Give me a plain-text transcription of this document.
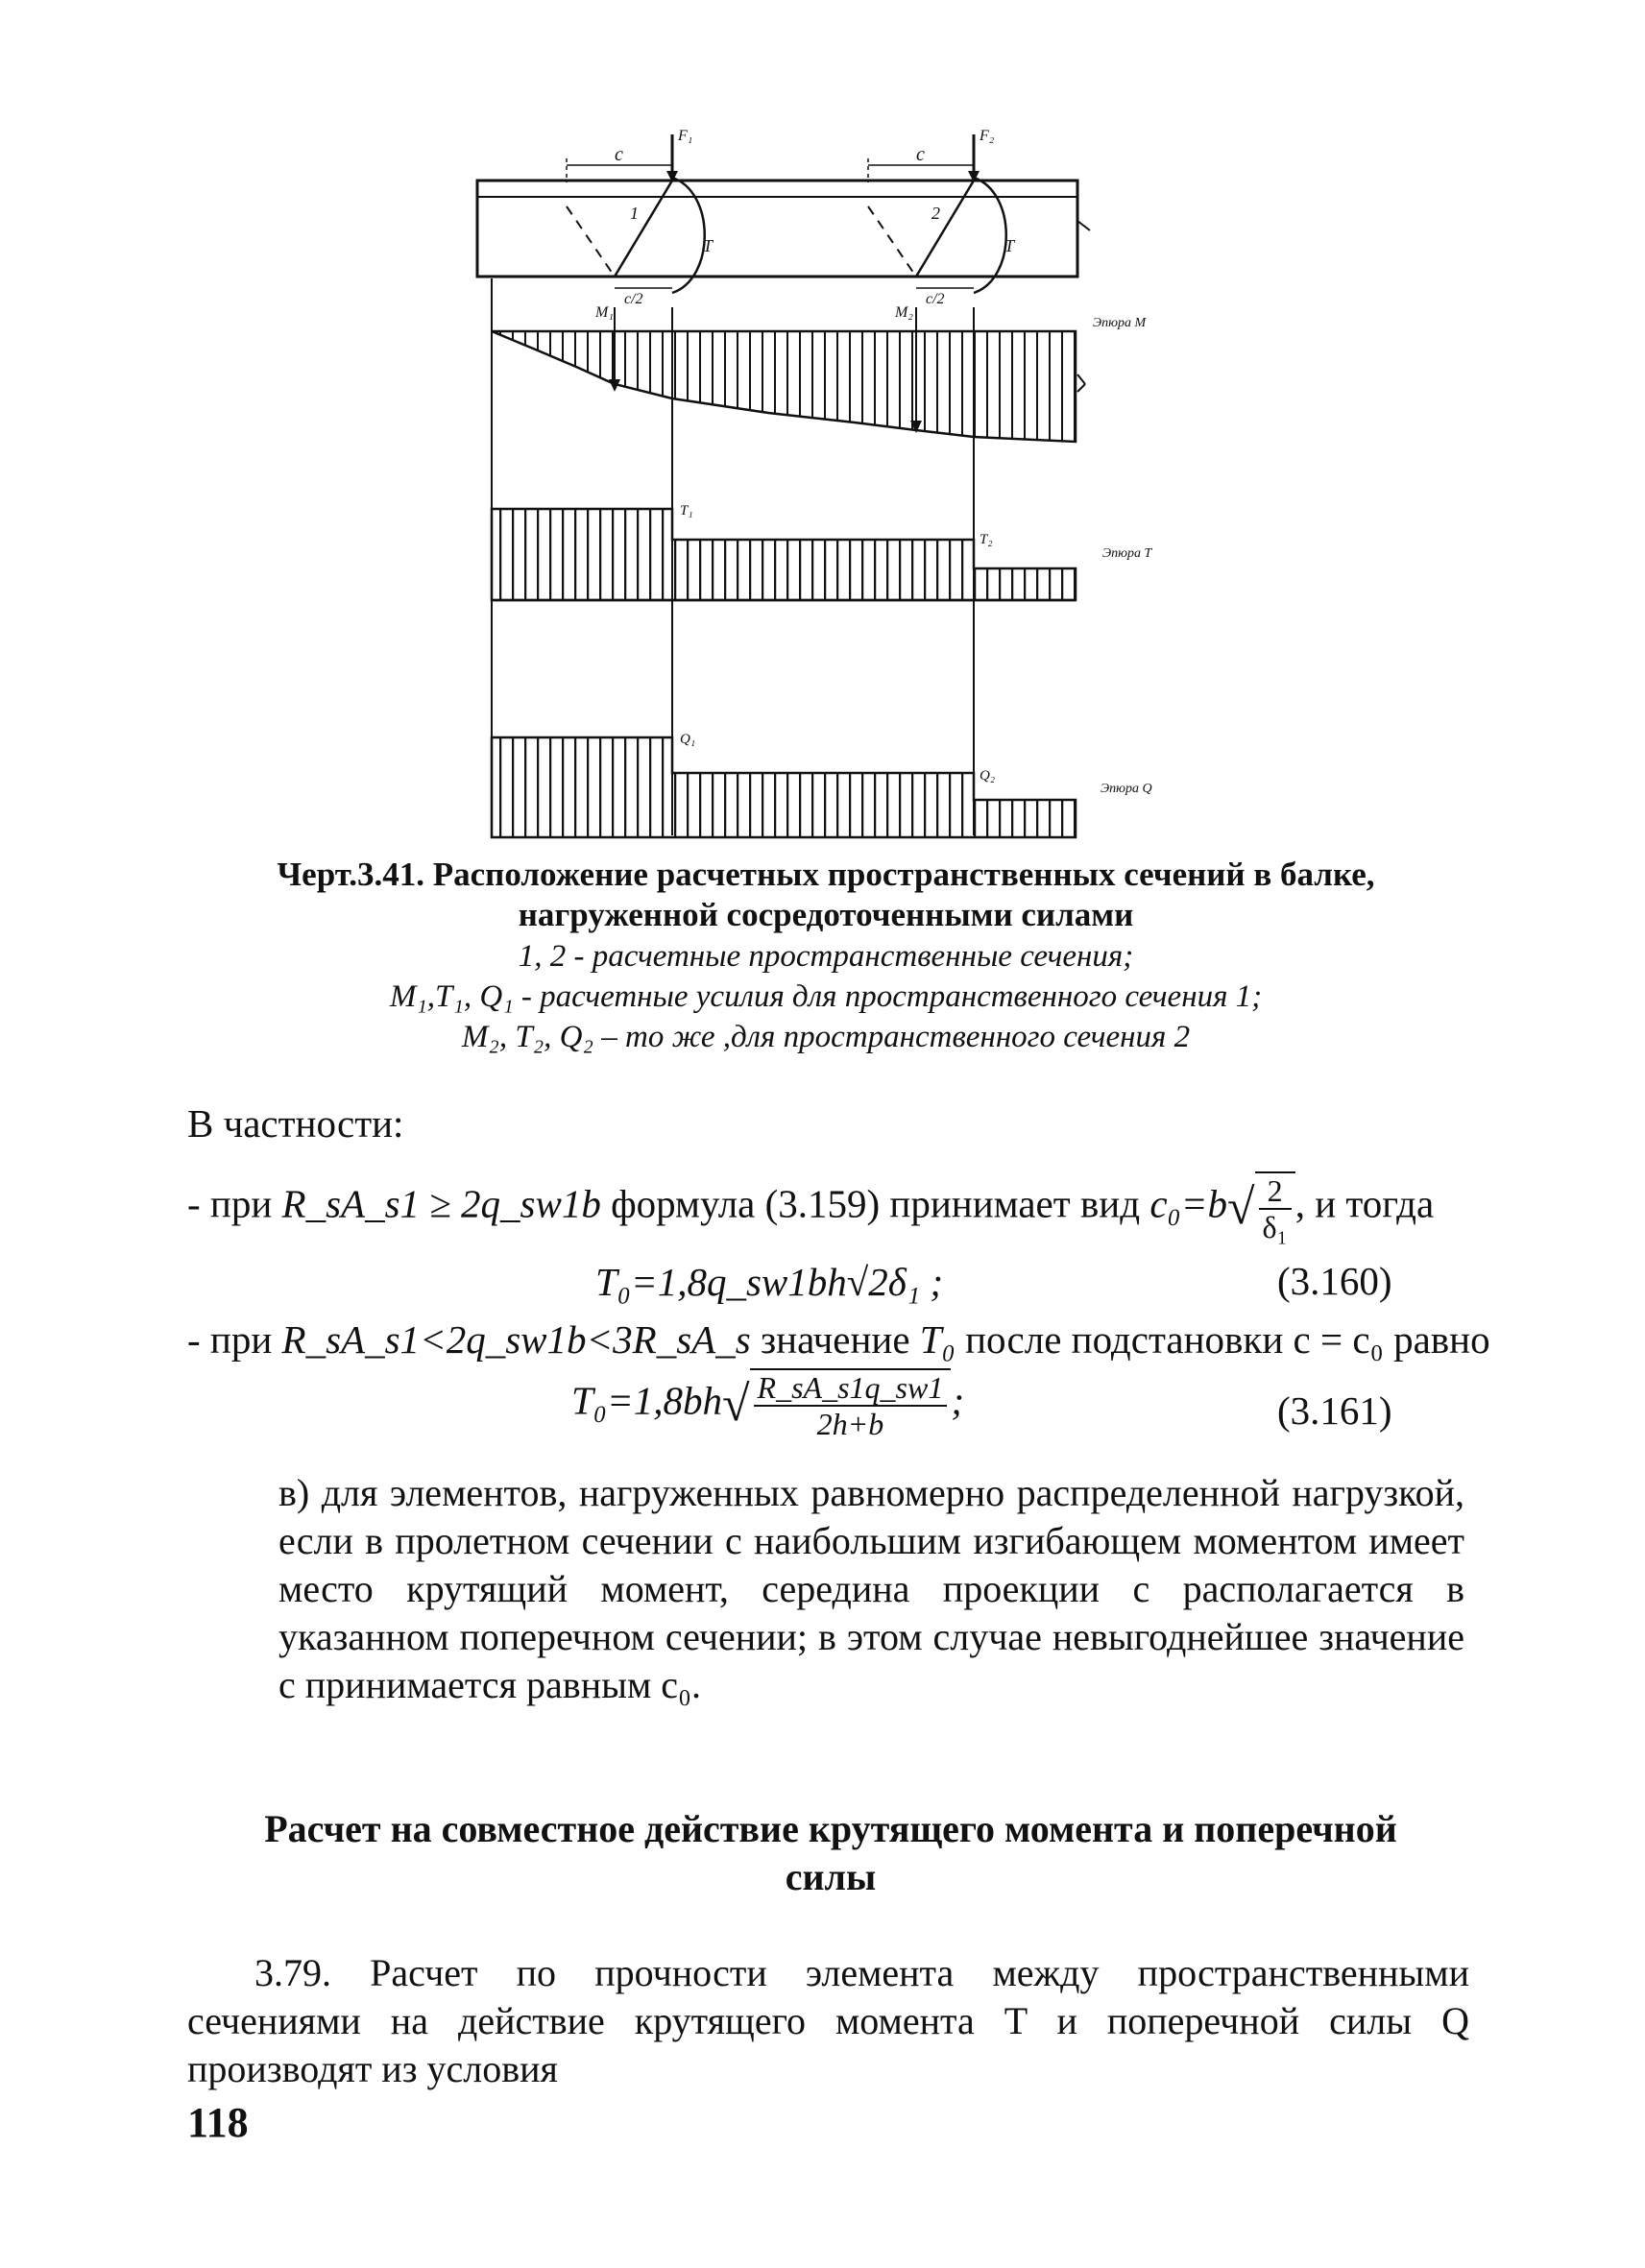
F₁	F₂
c
1
T
c/2
c
2
T
c/2
M₁	M₂
Эпюра M
T₁
T₂
Эпюра T
Q₁
Q₂
Эпюра Q
Черт.3.41. Расположение расчетных пространственных сечений в балке,
нагруженной сосредоточенными силами
1, 2 - расчетные пространственные сечения;
M₁,T₁, Q₁ - расчетные усилия для пространственного сечения 1;
M₂, T₂, Q₂ – то же ,для пространственного сечения 2
В частности:
- при R_sA_s1 ≥ 2q_sw1b формула (3.159) принимает вид $c_0=b√ \frac{2}{\text{δ₁}}$ , и тогда
T₀=1,8q_sw1bh√2δ₁ ;	(3.160)
- при R_sA_s1<2q_sw1b<3R_sA_s значение T₀ после подстановки c = c₀ равно
$T_0=1,8bh√ \frac{R\_sA\_s1q\_sw1}{2h+b}$ ;	(3.161)
в) для элементов, нагруженных равномерно распределенной нагрузкой, если в пролетном сечении с наибольшим изгибающем моментом имеет место крутящий момент, середина проекции c располагается в указанном поперечном сечении; в этом случае невыгоднейшее значение c принимается равным c₀.
Расчет на совместное действие крутящего момента и поперечной
силы
3.79. Расчет по прочности элемента между пространственными сечениями на действие крутящего момента T и поперечной силы Q производят из условия
118
